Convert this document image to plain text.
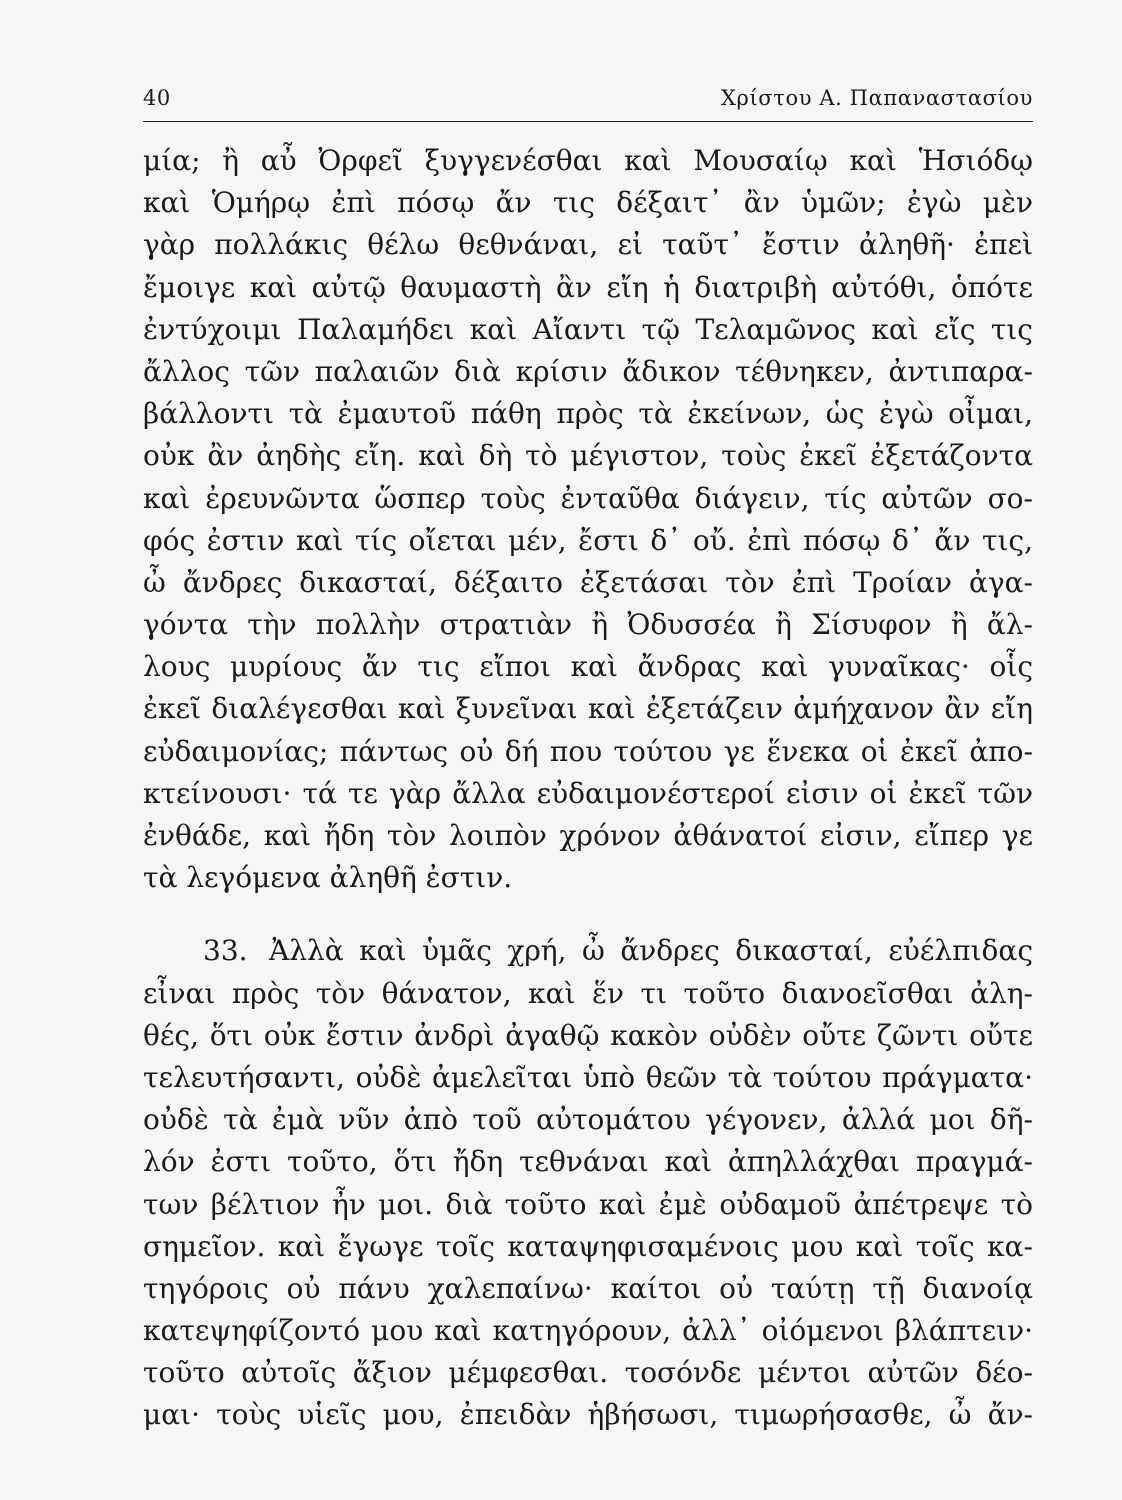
40	Χρίστου Α. Παπαναστασίου
μία; ἢ αὖ Ὀρφεῖ ξυγγενέσθαι καὶ Μουσαίῳ καὶ Ἡσιόδῳ
καὶ Ὁμήρῳ ἐπὶ πόσῳ ἄν τις δέξαιτ᾽ ἂν ὑμῶν; ἐγὼ μὲν
γὰρ πολλάκις θέλω θεθνάναι, εἰ ταῦτ᾽ ἔστιν ἀληθῆ· ἐπεὶ
ἔμοιγε καὶ αὐτῷ θαυμαστὴ ἂν εἴη ἡ διατριβὴ αὐτόθι, ὁπότε
ἐντύχοιμι Παλαμήδει καὶ Αἴαντι τῷ Τελαμῶνος καὶ εἴς τις
ἄλλος τῶν παλαιῶν διὰ κρίσιν ἄδικον τέθνηκεν, ἀντιπαρα-
βάλλοντι τὰ ἐμαυτοῦ πάθη πρὸς τὰ ἐκείνων, ὡς ἐγὼ οἶμαι,
οὐκ ἂν ἀηδὴς εἴη. καὶ δὴ τὸ μέγιστον, τοὺς ἐκεῖ ἐξετάζοντα
καὶ ἐρευνῶντα ὥσπερ τοὺς ἐνταῦθα διάγειν, τίς αὐτῶν σο-
φός ἐστιν καὶ τίς οἴεται μέν, ἔστι δ᾽ οὔ. ἐπὶ πόσῳ δ᾽ ἄν τις,
ὦ ἄνδρες δικασταί, δέξαιτο ἐξετάσαι τὸν ἐπὶ Τροίαν ἀγα-
γόντα τὴν πολλὴν στρατιὰν ἢ Ὀδυσσέα ἢ Σίσυφον ἢ ἄλ-
λους μυρίους ἄν τις εἴποι καὶ ἄνδρας καὶ γυναῖκας· οἷς
ἐκεῖ διαλέγεσθαι καὶ ξυνεῖναι καὶ ἐξετάζειν ἀμήχανον ἂν εἴη
εὐδαιμονίας; πάντως οὐ δή που τούτου γε ἕνεκα οἱ ἐκεῖ ἀπο-
κτείνουσι· τά τε γὰρ ἄλλα εὐδαιμονέστεροί εἰσιν οἱ ἐκεῖ τῶν
ἐνθάδε, καὶ ἤδη τὸν λοιπὸν χρόνον ἀθάνατοί εἰσιν, εἴπερ γε
τὰ λεγόμενα ἀληθῆ ἐστιν.
33. Ἀλλὰ καὶ ὑμᾶς χρή, ὦ ἄνδρες δικασταί, εὐέλπιδας
εἶναι πρὸς τὸν θάνατον, καὶ ἕν τι τοῦτο διανοεῖσθαι ἀλη-
θές, ὅτι οὐκ ἔστιν ἀνδρὶ ἀγαθῷ κακὸν οὐδὲν οὔτε ζῶντι οὔτε
τελευτήσαντι, οὐδὲ ἀμελεῖται ὑπὸ θεῶν τὰ τούτου πράγματα·
οὐδὲ τὰ ἐμὰ νῦν ἀπὸ τοῦ αὐτομάτου γέγονεν, ἀλλά μοι δῆ-
λόν ἐστι τοῦτο, ὅτι ἤδη τεθνάναι καὶ ἀπηλλάχθαι πραγμά-
των βέλτιον ἦν μοι. διὰ τοῦτο καὶ ἐμὲ οὐδαμοῦ ἀπέτρεψε τὸ
σημεῖον. καὶ ἔγωγε τοῖς καταψηφισαμένοις μου καὶ τοῖς κα-
τηγόροις οὐ πάνυ χαλεπαίνω· καίτοι οὐ ταύτῃ τῇ διανοίᾳ
κατεψηφίζοντό μου καὶ κατηγόρουν, ἀλλ᾽ οἰόμενοι βλάπτειν·
τοῦτο αὐτοῖς ἄξιον μέμφεσθαι. τοσόνδε μέντοι αὐτῶν δέο-
μαι· τοὺς υἱεῖς μου, ἐπειδὰν ἡβήσωσι, τιμωρήσασθε, ὦ ἄν-
